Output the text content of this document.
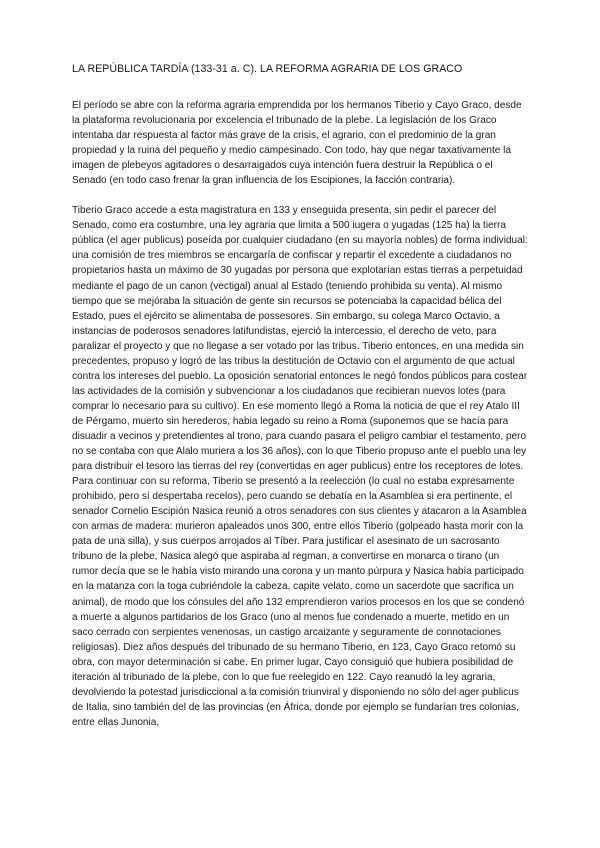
LA REPÚBLICA TARDÍA (133-31 a. C). LA REFORMA AGRARIA DE LOS GRACO

El período se abre con la reforma agraria emprendida por los hermanos Tiberio y Cayo Graco, desde la plataforma revolucionaria por excelencia el tribunado de la plebe. La legislación de los Graco intentaba dar respuesta al factor más grave de la crisis, el agrario, con el predominio de la gran propiedad y la ruina del pequeño y medio campesinado. Con todo, hay que negar taxativamente la imagen de plebeyos agitadores o desarraigados cuya intención fuera destruir la República o el Senado (en todo caso frenar la gran influencia de los Escipiones, la facción contraria).

Tiberio Graco accede a esta magistratura en 133 y enseguida presenta, sin pedir el parecer del Senado, como era costumbre, una ley agraria que limita a 500 iugera o yugadas (125 ha) la tierra pública (el ager publicus) poseída por cualquier ciudadano (en su mayoría nobles) de forma individual: una comisión de tres miembros se encargaría de confiscar y repartir el excedente a ciudadanos no propietarios hasta un máximo de 30 yugadas por persona que explotarían estas tierras a perpetuidad mediante el pago de un canon (vectigal) anual al Estado (teniendo prohibida su venta). Al mismo tiempo que se mejóraba la situación de gente sin recursos se potenciaba la capacidad bélica del Estado, pues el ejército se alimentaba de possesores. Sin embargo, su colega Marco Octavio, a instancias de poderosos senadores latifundistas, ejerció la intercessio, el derecho de veto, para paralizar el proyecto y que no llegase a ser votado por las tribus. Tiberio entonces, en una medida sin precedentes, propuso y logró de las tribus la destitución de Octavio con el argumento de que actual contra los intereses del pueblo. La oposición senatorial entonces le negó fondos públicos para costear las actividades de la comisión y subvencionar a los ciudadanos que recibieran nuevos lotes (para comprar lo necesario para su cultivo). En ese momento llegó a Roma la noticia de que el rey Atalo III de Pérgamo, muerto sin herederos, habia legado su reino a Roma (suponemos que se hacía para disuadir a vecinos y pretendientes al trono, para cuando pasara el peligro cambiar el testamento, pero no se contaba con que Alalo muriera a los 36 años), con lo que Tiberio propuso ante el pueblo una ley para distribuir el tesoro las tierras del rey (convertidas en ager publicus) entre los receptores de lotes. Para continuar con su reforma, Tiberio se presentó a la reelección (lo cual no estaba expresamente prohibido, pero sí despertaba recelos), pero cuando se debatía en la Asamblea si era pertinente, el senador Cornelio Escipión Nasica reunió a otros senadores con sus clientes y atacaron a la Asamblea con armas de madera: murieron apaleados unos 300, entre ellos Tiberio (golpeado hasta morir con la pata de una silla), y sus cuerpos arrojados al Tíber. Para justificar el asesinato de un sacrosanto tribuno de la plebe, Nasica alegó que aspiraba al regman, a convertirse en monarca o tirano (un rumor decía que se le había visto mirando una corona y un manto púrpura y Nasica había participado en la matanza con la toga cubriéndole la cabeza, capite velato, como un sacerdote que sacrifica un animal), de modo que los cónsules del año 132 emprendieron varios procesos en los que se condenó a muerte a algunos partidarios de los Graco (uno al menos fue condenado a muerte, metido en un saco cerrado con serpientes venenosas, un castigo arcaizante y seguramente de connotaciones religiosas). Diez años después del tribunado de su hermano Tiberio, en 123, Cayo Graco retomó su obra, con mayor determinación si cabe. En primer lugar, Cayo consiguió que hubiera posibilidad de iteración al tribunado de la plebe, con lo que fue reelegido en 122. Cayo reanudó la ley agraria, devolviendo la potestad jurisdiccional a la comisión triunviral y disponiendo no sólo del ager publicus de Italia, sino también del de las provincias (en África, donde por ejemplo se fundarían tres colonias, entre ellas Junonia,
